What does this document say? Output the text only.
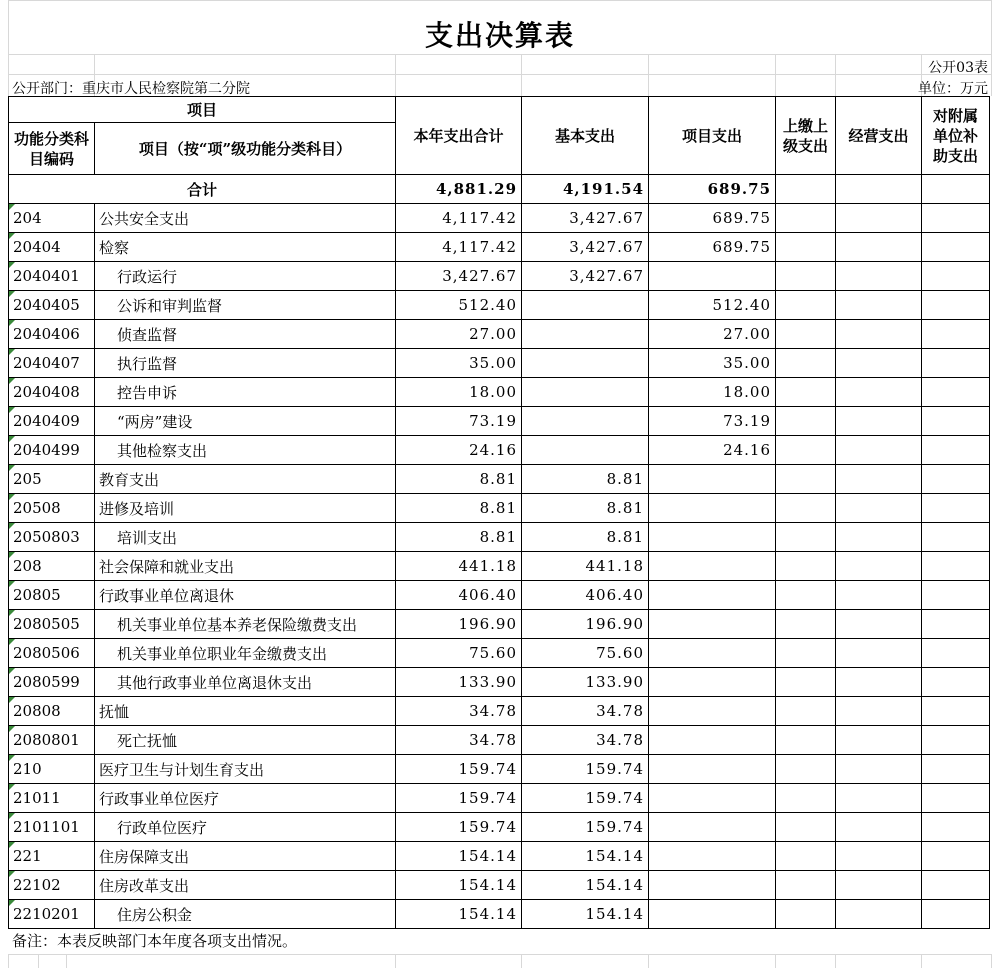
支出决算表
公开03表
公开部门：重庆市人民检察院第二分院	单位：万元
项目		本年支出合计	基本支出	项目支出	上缴上级支出	经营支出	对附属单位补助支出
功能分类科目编码	项目（按“项”级功能分类科目）						
合计		4,881.29	4,191.54	689.75			
204	公共安全支出	4,117.42	3,427.67	689.75			
20404	检察	4,117.42	3,427.67	689.75			
2040401	行政运行	3,427.67	3,427.67				
2040405	公诉和审判监督	512.40		512.40			
2040406	侦查监督	27.00		27.00			
2040407	执行监督	35.00		35.00			
2040408	控告申诉	18.00		18.00			
2040409	“两房”建设	73.19		73.19			
2040499	其他检察支出	24.16		24.16			
205	教育支出	8.81	8.81				
20508	进修及培训	8.81	8.81				
2050803	培训支出	8.81	8.81				
208	社会保障和就业支出	441.18	441.18				
20805	行政事业单位离退休	406.40	406.40				
2080505	机关事业单位基本养老保险缴费支出	196.90	196.90				
2080506	机关事业单位职业年金缴费支出	75.60	75.60				
2080599	其他行政事业单位离退休支出	133.90	133.90				
20808	抚恤	34.78	34.78				
2080801	死亡抚恤	34.78	34.78				
210	医疗卫生与计划生育支出	159.74	159.74				
21011	行政事业单位医疗	159.74	159.74				
2101101	行政单位医疗	159.74	159.74				
221	住房保障支出	154.14	154.14				
22102	住房改革支出	154.14	154.14				
2210201	住房公积金	154.14	154.14				
备注：本表反映部门本年度各项支出情况。
